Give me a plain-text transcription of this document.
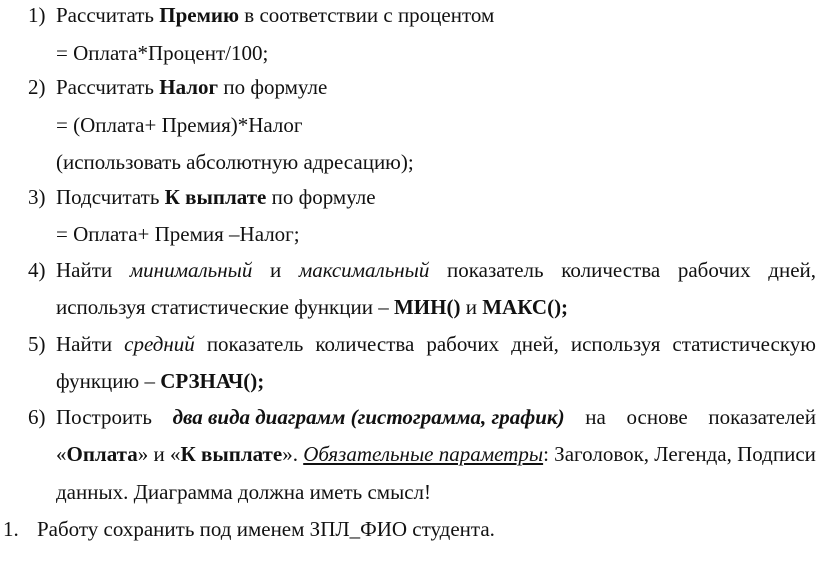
1) Рассчитать Премию в соответствии с процентом
= Оплата*Процент/100;
2) Рассчитать Налог по формуле
= (Оплата+ Премия)*Налог
(использовать абсолютную адресацию);
3) Подсчитать К выплате по формуле
= Оплата+ Премия –Налог;
4) Найти минимальный и максимальный показатель количества рабочих дней,
используя статистические функции – МИН() и МАКС();
5) Найти средний показатель количества рабочих дней, используя статистическую
функцию – СРЗНАЧ();
6) Построить два вида диаграмм (гистограмма, график) на основе показателей
«Оплата» и «К выплате». Обязательные параметры: Заголовок, Легенда, Подписи
данных. Диаграмма должна иметь смысл!
1. Работу сохранить под именем ЗПЛ_ФИО студента.
